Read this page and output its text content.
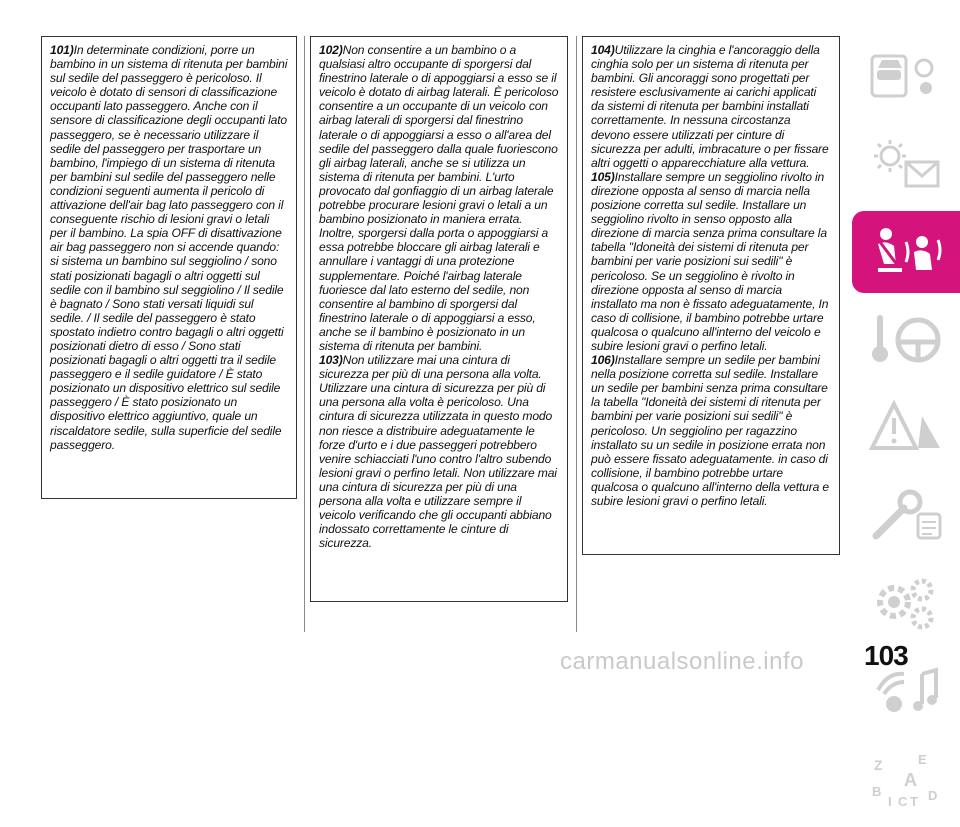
101)In determinate condizioni, porre un bambino in un sistema di ritenuta per bambini sul sedile del passeggero è pericoloso. Il veicolo è dotato di sensori di classificazione occupanti lato passeggero. Anche con il sensore di classificazione degli occupanti lato passeggero, se è necessario utilizzare il sedile del passeggero per trasportare un bambino, l'impiego di un sistema di ritenuta per bambini sul sedile del passeggero nelle condizioni seguenti aumenta il pericolo di attivazione dell'air bag lato passeggero con il conseguente rischio di lesioni gravi o letali per il bambino. La spia OFF di disattivazione air bag passeggero non si accende quando: si sistema un bambino sul seggiolino / sono stati posizionati bagagli o altri oggetti sul sedile con il bambino sul seggiolino / Il sedile è bagnato / Sono stati versati liquidi sul sedile. / Il sedile del passeggero è stato spostato indietro contro bagagli o altri oggetti posizionati dietro di esso / Sono stati posizionati bagagli o altri oggetti tra il sedile passeggero e il sedile guidatore / È stato posizionato un dispositivo elettrico sul sedile passeggero / È stato posizionato un dispositivo elettrico aggiuntivo, quale un riscaldatore sedile, sulla superficie del sedile passeggero.

102)Non consentire a un bambino o a qualsiasi altro occupante di sporgersi dal finestrino laterale o di appoggiarsi a esso se il veicolo è dotato di airbag laterali. È pericoloso consentire a un occupante di un veicolo con airbag laterali di sporgersi dal finestrino laterale o di appoggiarsi a esso o all'area del sedile del passeggero dalla quale fuoriescono gli airbag laterali, anche se si utilizza un sistema di ritenuta per bambini. L'urto provocato dal gonfiaggio di un airbag laterale potrebbe procurare lesioni gravi o letali a un bambino posizionato in maniera errata. Inoltre, sporgersi dalla porta o appoggiarsi a essa potrebbe bloccare gli airbag laterali e annullare i vantaggi di una protezione supplementare. Poiché l'airbag laterale fuoriesce dal lato esterno del sedile, non consentire al bambino di sporgersi dal finestrino laterale o di appoggiarsi a esso, anche se il bambino è posizionato in un sistema di ritenuta per bambini.

103)Non utilizzare mai una cintura di sicurezza per più di una persona alla volta. Utilizzare una cintura di sicurezza per più di una persona alla volta è pericoloso. Una cintura di sicurezza utilizzata in questo modo non riesce a distribuire adeguatamente le forze d'urto e i due passeggeri potrebbero venire schiacciati l'uno contro l'altro subendo lesioni gravi o perfino letali. Non utilizzare mai una cintura di sicurezza per più di una persona alla volta e utilizzare sempre il veicolo verificando che gli occupanti abbiano indossato correttamente le cinture di sicurezza.

104)Utilizzare la cinghia e l'ancoraggio della cinghia solo per un sistema di ritenuta per bambini. Gli ancoraggi sono progettati per resistere esclusivamente ai carichi applicati da sistemi di ritenuta per bambini installati correttamente. In nessuna circostanza devono essere utilizzati per cinture di sicurezza per adulti, imbracature o per fissare altri oggetti o apparecchiature alla vettura.

105)Installare sempre un seggiolino rivolto in direzione opposta al senso di marcia nella posizione corretta sul sedile. Installare un seggiolino rivolto in senso opposto alla direzione di marcia senza prima consultare la tabella "Idoneità dei sistemi di ritenuta per bambini per varie posizioni sui sedili" è pericoloso. Se un seggiolino è rivolto in direzione opposta al senso di marcia installato ma non è fissato adeguatamente, In caso di collisione, il bambino potrebbe urtare qualcosa o qualcuno all'interno del veicolo e subire lesioni gravi o perfino letali.

106)Installare sempre un sedile per bambini nella posizione corretta sul sedile. Installare un sedile per bambini senza prima consultare la tabella "Idoneità dei sistemi di ritenuta per bambini per varie posizioni sui sedili" è pericoloso. Un seggiolino per ragazzino installato su un sedile in posizione errata non può essere fissato adeguatamente. in caso di collisione, il bambino potrebbe urtare qualcosa o qualcuno all'interno della vettura e subire lesioni gravi o perfino letali.

Z	E
A
B
I C T D
carmanualsonline.info 103
